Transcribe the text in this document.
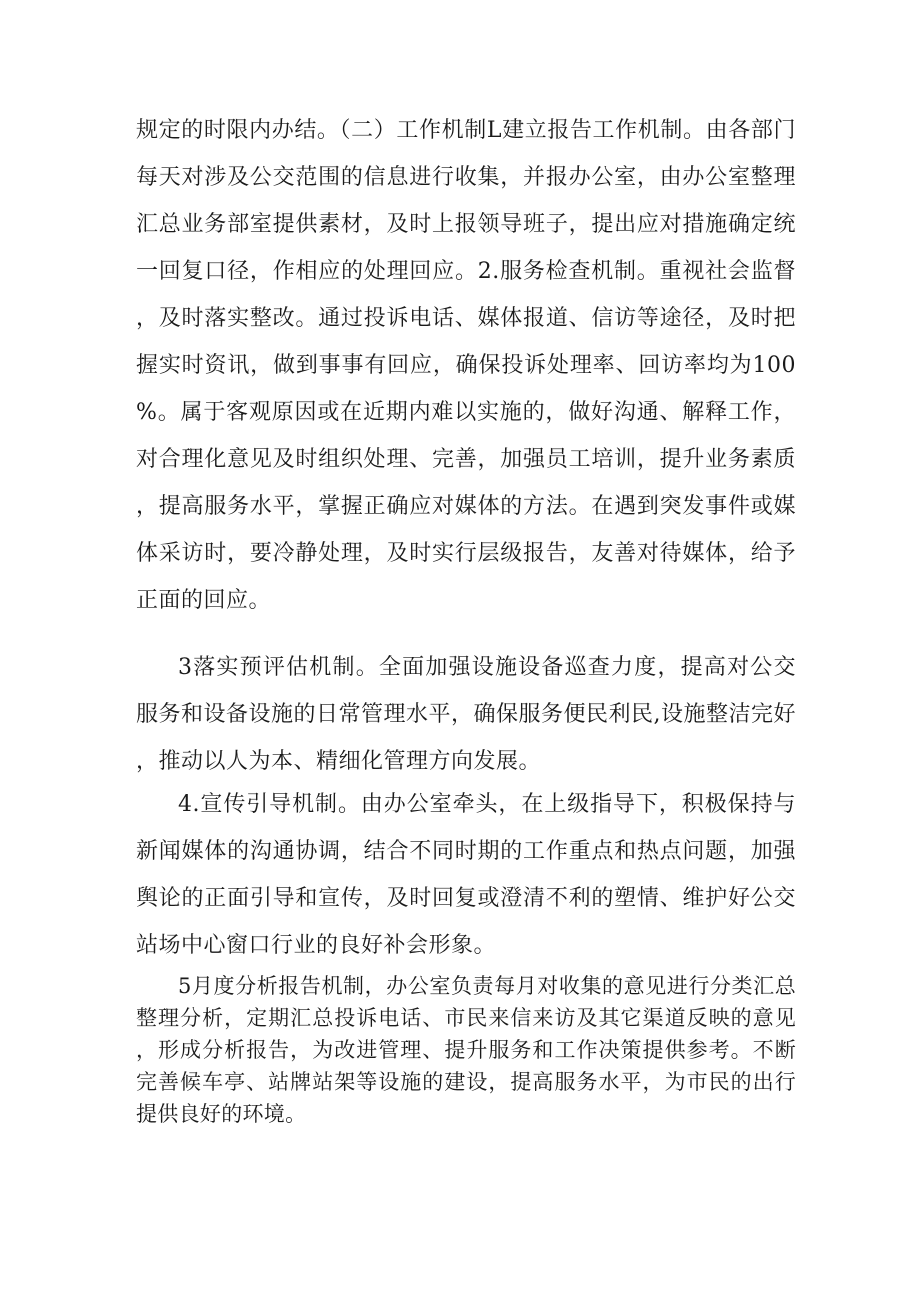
规定的时限内办结。（二）工作机制L建立报告工作机制。由各部门每天对涉及公交范围的信息进行收集，并报办公室，由办公室整理汇总业务部室提供素材，及时上报领导班子，提出应对措施确定统一回复口径，作相应的处理回应。2.服务检查机制。重视社会监督，及时落实整改。通过投诉电话、媒体报道、信访等途径，及时把握实时资讯，做到事事有回应，确保投诉处理率、回访率均为100%。属于客观原因或在近期内难以实施的，做好沟通、解释工作，对合理化意见及时组织处理、完善，加强员工培训，提升业务素质，提高服务水平，掌握正确应对媒体的方法。在遇到突发事件或媒体采访时，要冷静处理，及时实行层级报告，友善对待媒体，给予正面的回应。

3落实预评估机制。全面加强设施设备巡查力度，提高对公交服务和设备设施的日常管理水平，确保服务便民利民,设施整洁完好，推动以人为本、精细化管理方向发展。

4.宣传引导机制。由办公室牵头，在上级指导下，积极保持与新闻媒体的沟通协调，结合不同时期的工作重点和热点问题，加强舆论的正面引导和宣传，及时回复或澄清不利的塑情、维护好公交站场中心窗口行业的良好补会形象。

5月度分析报告机制，办公室负责每月对收集的意见进行分类汇总整理分析，定期汇总投诉电话、市民来信来访及其它渠道反映的意见，形成分析报告，为改进管理、提升服务和工作决策提供参考。不断完善候车亭、站牌站架等设施的建设，提高服务水平，为市民的出行提供良好的环境。
